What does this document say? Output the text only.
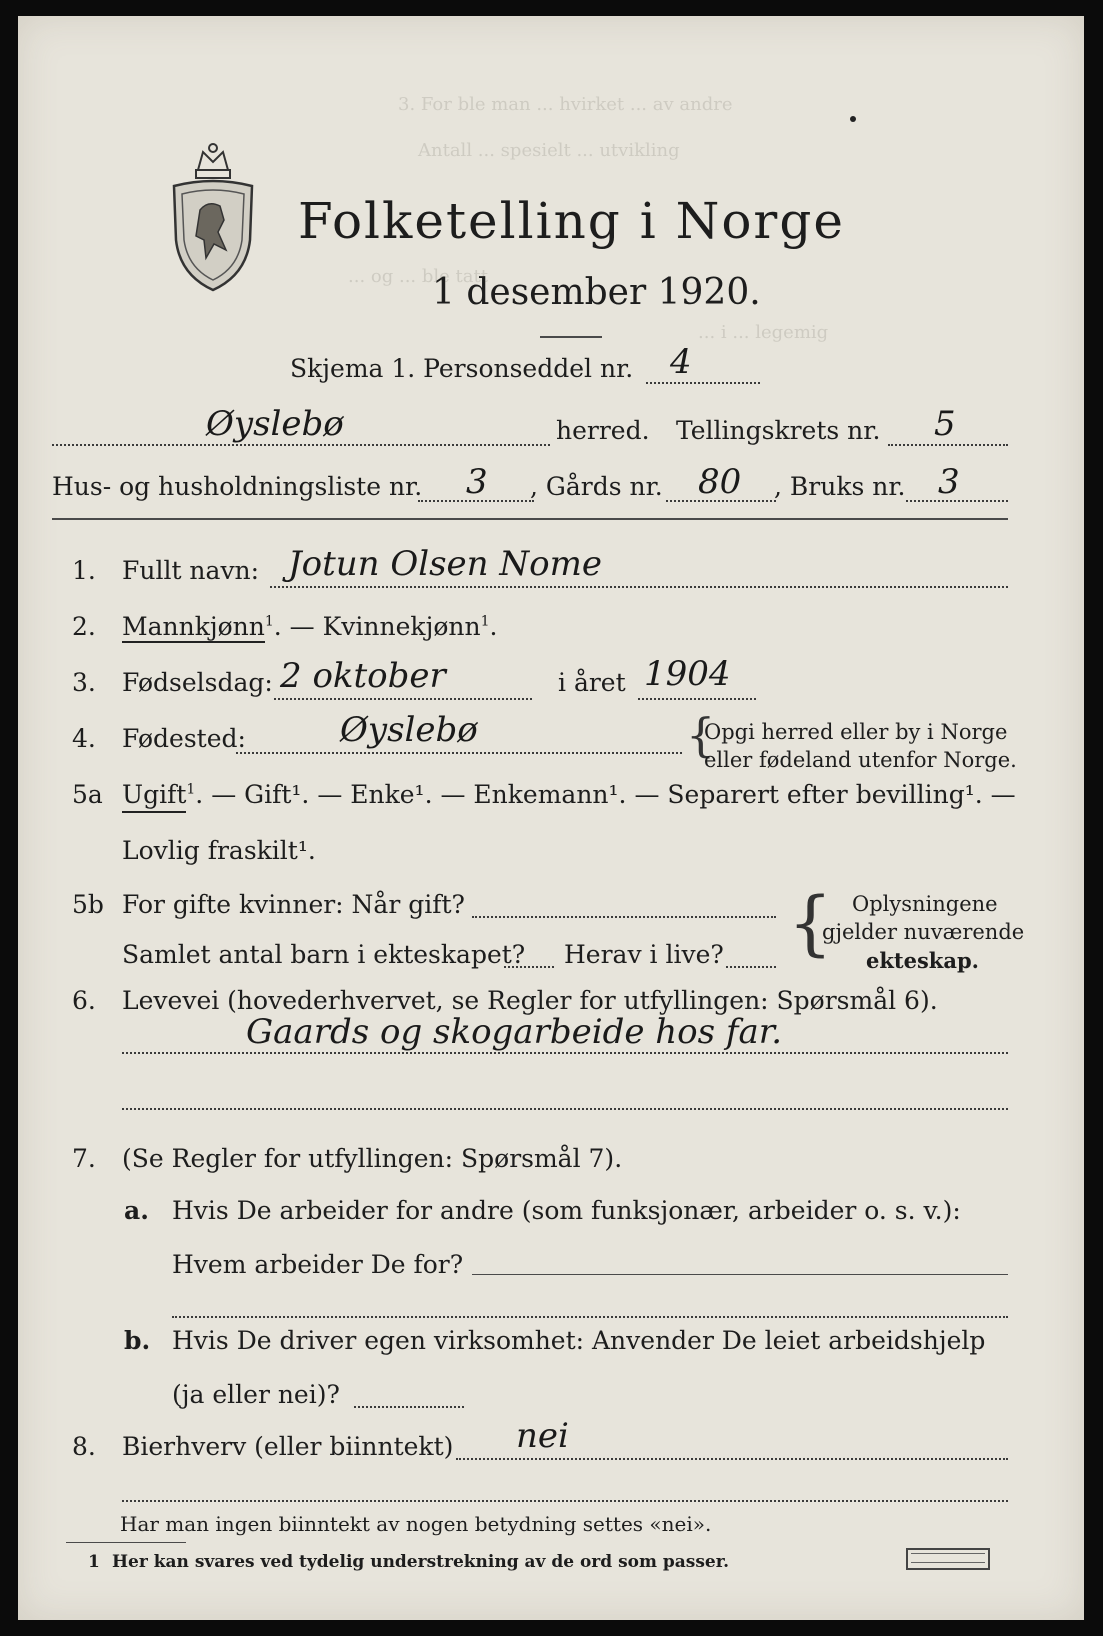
Folketelling i Norge
1 desember 1920.
3. For ble man ... hvirket ... av andre
Antall ... spesielt ... utvikling
... og ... ble tatt
... i ... legemig
Skjema 1. Personseddel nr. 4
Øyslebø	herred. Tellingskrets nr. 5
Hus- og husholdningsliste nr. 3 , Gårds nr. 80 , Bruks nr. 3
1. Fullt navn: Jotun Olsen Nome
2. Mannkjønn$^1$. — Kvinnekjønn$^1$.
3. Fødselsdag: 2 oktober	i året 1904
4. Fødested:	Øyslebø	{
Opgi herred eller by i Norge
eller fødeland utenfor Norge.
5a Ugift$^1$. — Gift¹. — Enke¹. — Enkemann¹. — Separert efter bevilling¹. —
Lovlig fraskilt¹.
5b For gifte kvinner: Når gift?
Samlet antal barn i ekteskapet? Herav i live? { Oplysningene
gjelder nuværende
ekteskap.
6. Levevei (hovederhvervet, se Regler for utfyllingen: Spørsmål 6).
Gaards og skogarbeide hos far.
7. (Se Regler for utfyllingen: Spørsmål 7).
a. Hvis De arbeider for andre (som funksjonær, arbeider o. s. v.):
Hvem arbeider De for?
b. Hvis De driver egen virksomhet: Anvender De leiet arbeidshjelp
(ja eller nei)?
8. Bierhverv (eller biinntekt) nei
Har man ingen biinntekt av nogen betydning settes «nei».
1 Her kan svares ved tydelig understrekning av de ord som passer.
